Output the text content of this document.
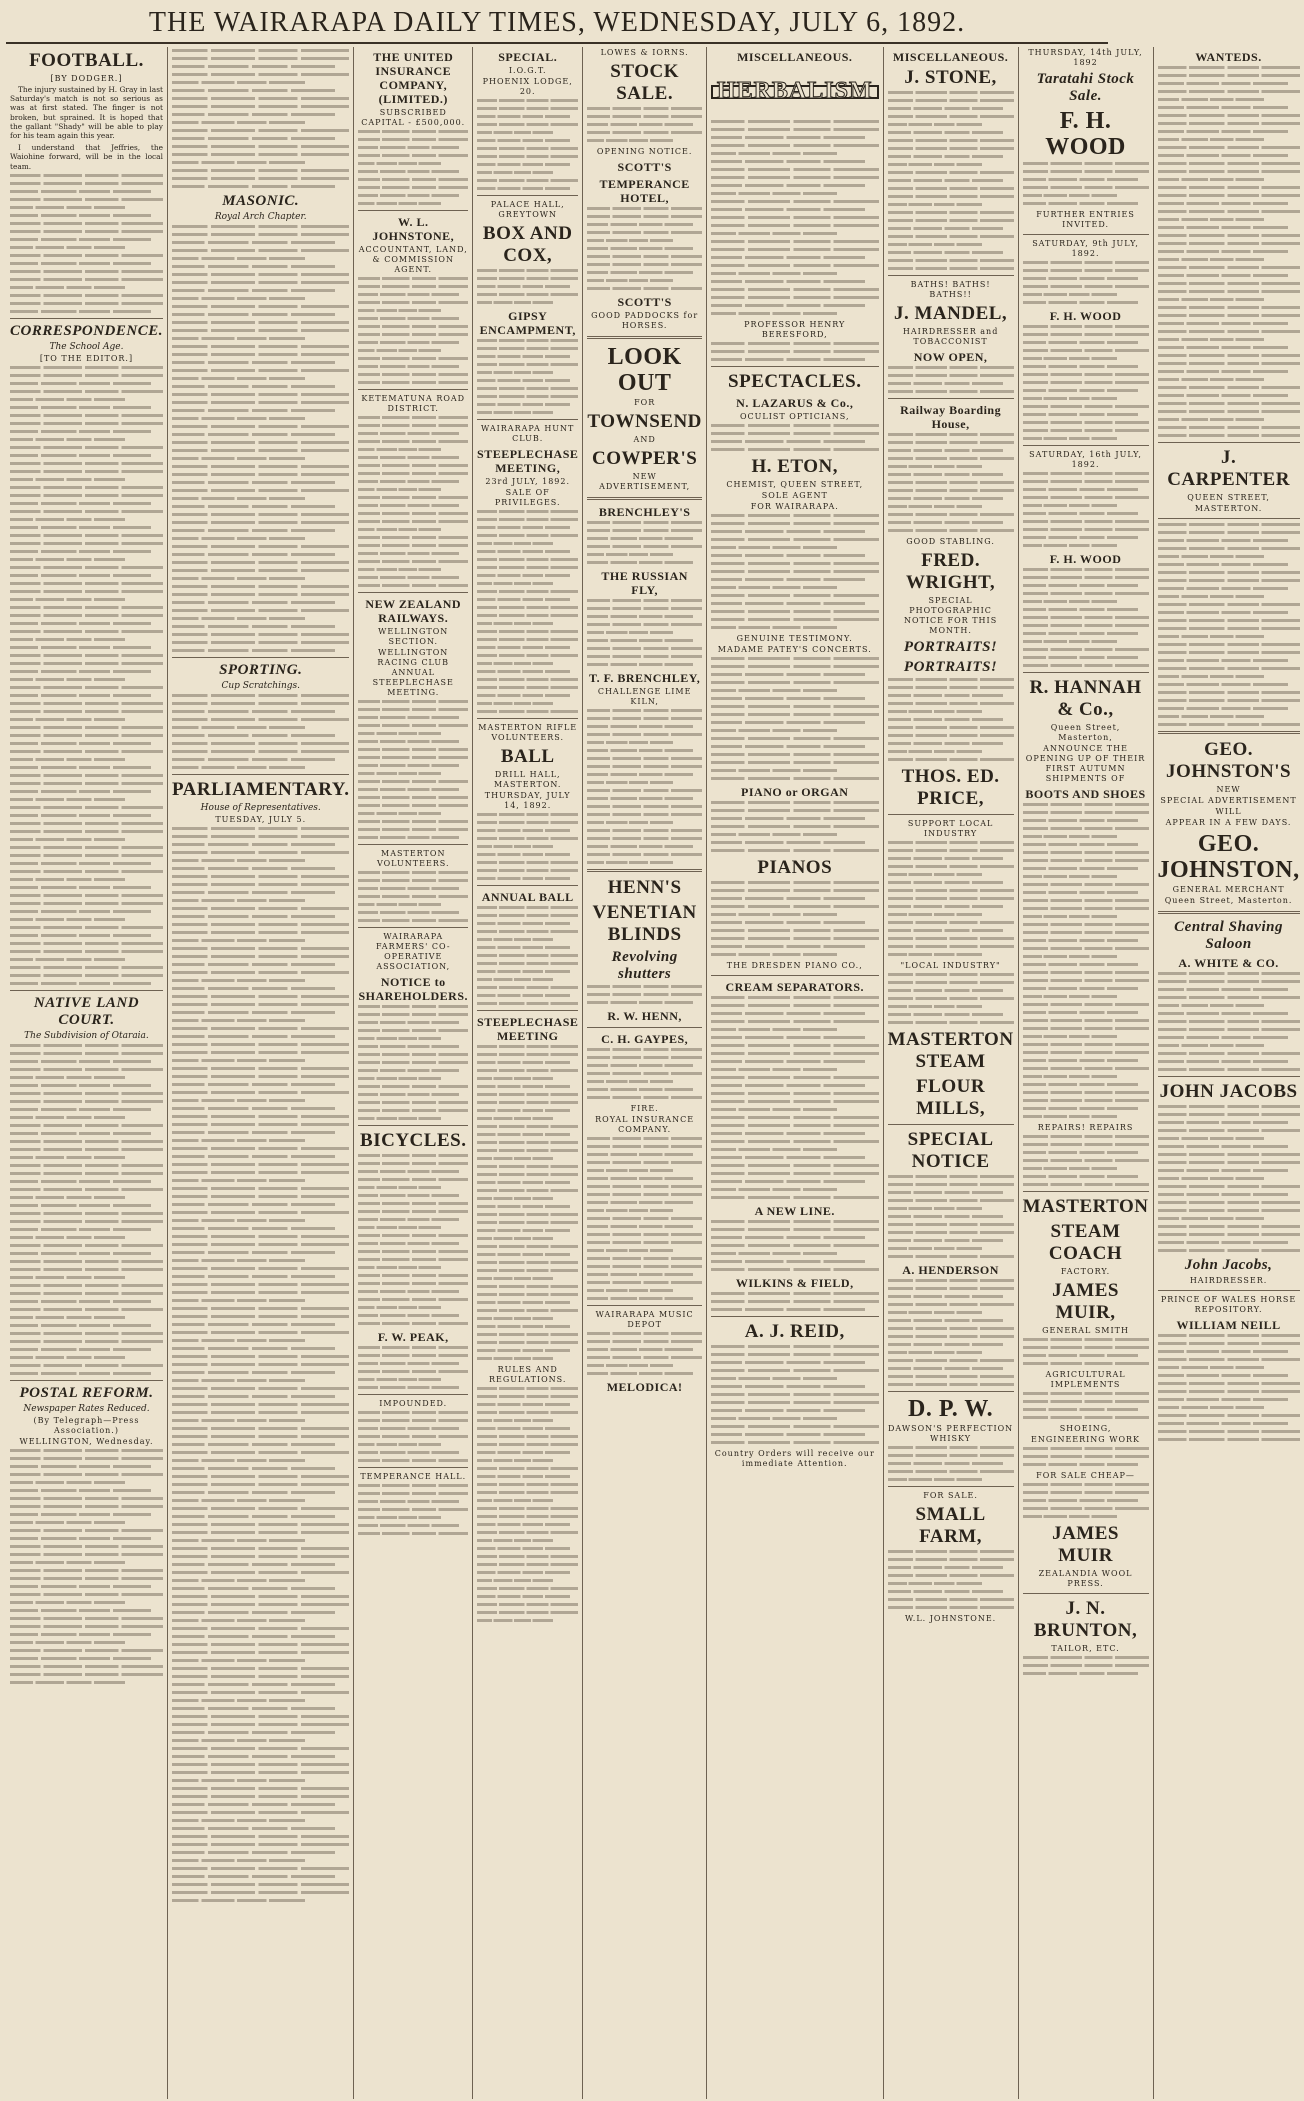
THE WAIRARAPA DAILY TIMES, WEDNESDAY, JULY 6, 1892.
FOOTBALL.
[BY DODGER.]
The injury sustained by H. Gray in last Saturday's match is not so serious as was at first stated. The finger is not broken, but sprained. It is hoped that the gallant "Shady" will be able to play for his team again this year.
I understand that Jeffries, the Waiohine forward, will be in the local team.
CORRESPONDENCE.
The School Age.
[TO THE EDITOR.]
NATIVE LAND COURT.
The Subdivision of Otaraia.
POSTAL REFORM.
Newspaper Rates Reduced.
(By Telegraph—Press Association.)
WELLINGTON, Wednesday.
MASONIC.
Royal Arch Chapter.
SPORTING.
Cup Scratchings.
PARLIAMENTARY.
House of Representatives.
TUESDAY, JULY 5.
THE UNITED INSURANCE COMPANY, (LIMITED.)
SUBSCRIBED CAPITAL - £500,000.
W. L. JOHNSTONE,
ACCOUNTANT, LAND, & COMMISSION AGENT.
KETEMATUNA ROAD DISTRICT.
NEW ZEALAND RAILWAYS.
WELLINGTON SECTION.
WELLINGTON RACING CLUB ANNUAL STEEPLECHASE MEETING.
MASTERTON VOLUNTEERS.
WAIRARAPA FARMERS' CO-OPERATIVE ASSOCIATION,
NOTICE to SHAREHOLDERS.
BICYCLES.
F. W. PEAK,
IMPOUNDED.
TEMPERANCE HALL.
SPECIAL.
I.O.G.T.
PHOENIX LODGE, 20.
PALACE HALL, GREYTOWN
BOX AND COX,
GIPSY ENCAMPMENT,
WAIRARAPA HUNT CLUB.
STEEPLECHASE MEETING,
23rd JULY, 1892.
SALE OF PRIVILEGES.
MASTERTON RIFLE VOLUNTEERS.
BALL
DRILL HALL, MASTERTON.
THURSDAY, JULY 14, 1892.
ANNUAL BALL
STEEPLECHASE MEETING
RULES AND REGULATIONS.
LOWES & IORNS.
STOCK SALE.
OPENING NOTICE.
SCOTT'S
TEMPERANCE HOTEL,
SCOTT'S
GOOD PADDOCKS for HORSES.
LOOK OUT
FOR
TOWNSEND
AND
COWPER'S
NEW ADVERTISEMENT,
BRENCHLEY'S
THE RUSSIAN FLY,
T. F. BRENCHLEY,
CHALLENGE LIME KILN,
HENN'S
VENETIAN BLINDS
Revolving shutters
R. W. HENN,
C. H. GAYPES,
FIRE.
ROYAL INSURANCE COMPANY.
WAIRARAPA MUSIC DEPOT
MELODICA!
MISCELLANEOUS.
HERBALISM
PROFESSOR HENRY BERESFORD,
SPECTACLES.
N. LAZARUS & Co.,
OCULIST OPTICIANS,
H. ETON,
CHEMIST, QUEEN STREET,
SOLE AGENT
FOR WAIRARAPA.
GENUINE TESTIMONY.
MADAME PATEY'S CONCERTS.
PIANO or ORGAN
PIANOS
THE DRESDEN PIANO CO.,
CREAM SEPARATORS.
A NEW LINE.
WILKINS & FIELD,
A. J. REID,
Country Orders will receive our immediate Attention.
MISCELLANEOUS.
J. STONE,
BATHS! BATHS! BATHS!!
J. MANDEL,
HAIRDRESSER and TOBACCONIST
NOW OPEN,
Railway Boarding House,
GOOD STABLING.
FRED. WRIGHT,
SPECIAL PHOTOGRAPHIC NOTICE FOR THIS MONTH.
PORTRAITS!
PORTRAITS!
THOS. ED. PRICE,
SUPPORT LOCAL INDUSTRY
"LOCAL INDUSTRY"
MASTERTON STEAM
FLOUR MILLS,
SPECIAL NOTICE
A. HENDERSON
D. P. W.
DAWSON'S PERFECTION WHISKY
FOR SALE.
SMALL FARM,
W.L. JOHNSTONE.
THURSDAY, 14th JULY, 1892
Taratahi Stock Sale.
F. H. WOOD
FURTHER ENTRIES INVITED.
SATURDAY, 9th JULY, 1892.
F. H. WOOD
SATURDAY, 16th JULY, 1892.
F. H. WOOD
R. HANNAH & Co.,
Queen Street, Masterton,
ANNOUNCE THE OPENING UP OF THEIR FIRST AUTUMN SHIPMENTS OF
BOOTS AND SHOES
REPAIRS! REPAIRS
MASTERTON
STEAM COACH
FACTORY.
JAMES MUIR,
GENERAL SMITH
AGRICULTURAL IMPLEMENTS
SHOEING,
ENGINEERING WORK
FOR SALE CHEAP—
JAMES MUIR
ZEALANDIA WOOL PRESS.
J. N. BRUNTON,
TAILOR, ETC.
WANTEDS.
J. CARPENTER
QUEEN STREET,
MASTERTON.
GEO. JOHNSTON'S
NEW
SPECIAL ADVERTISEMENT
WILL
APPEAR IN A FEW DAYS.
GEO. JOHNSTON,
GENERAL MERCHANT
Queen Street, Masterton.
Central Shaving Saloon
A. WHITE & CO.
JOHN JACOBS
John Jacobs,
HAIRDRESSER.
PRINCE OF WALES HORSE REPOSITORY.
WILLIAM NEILL
